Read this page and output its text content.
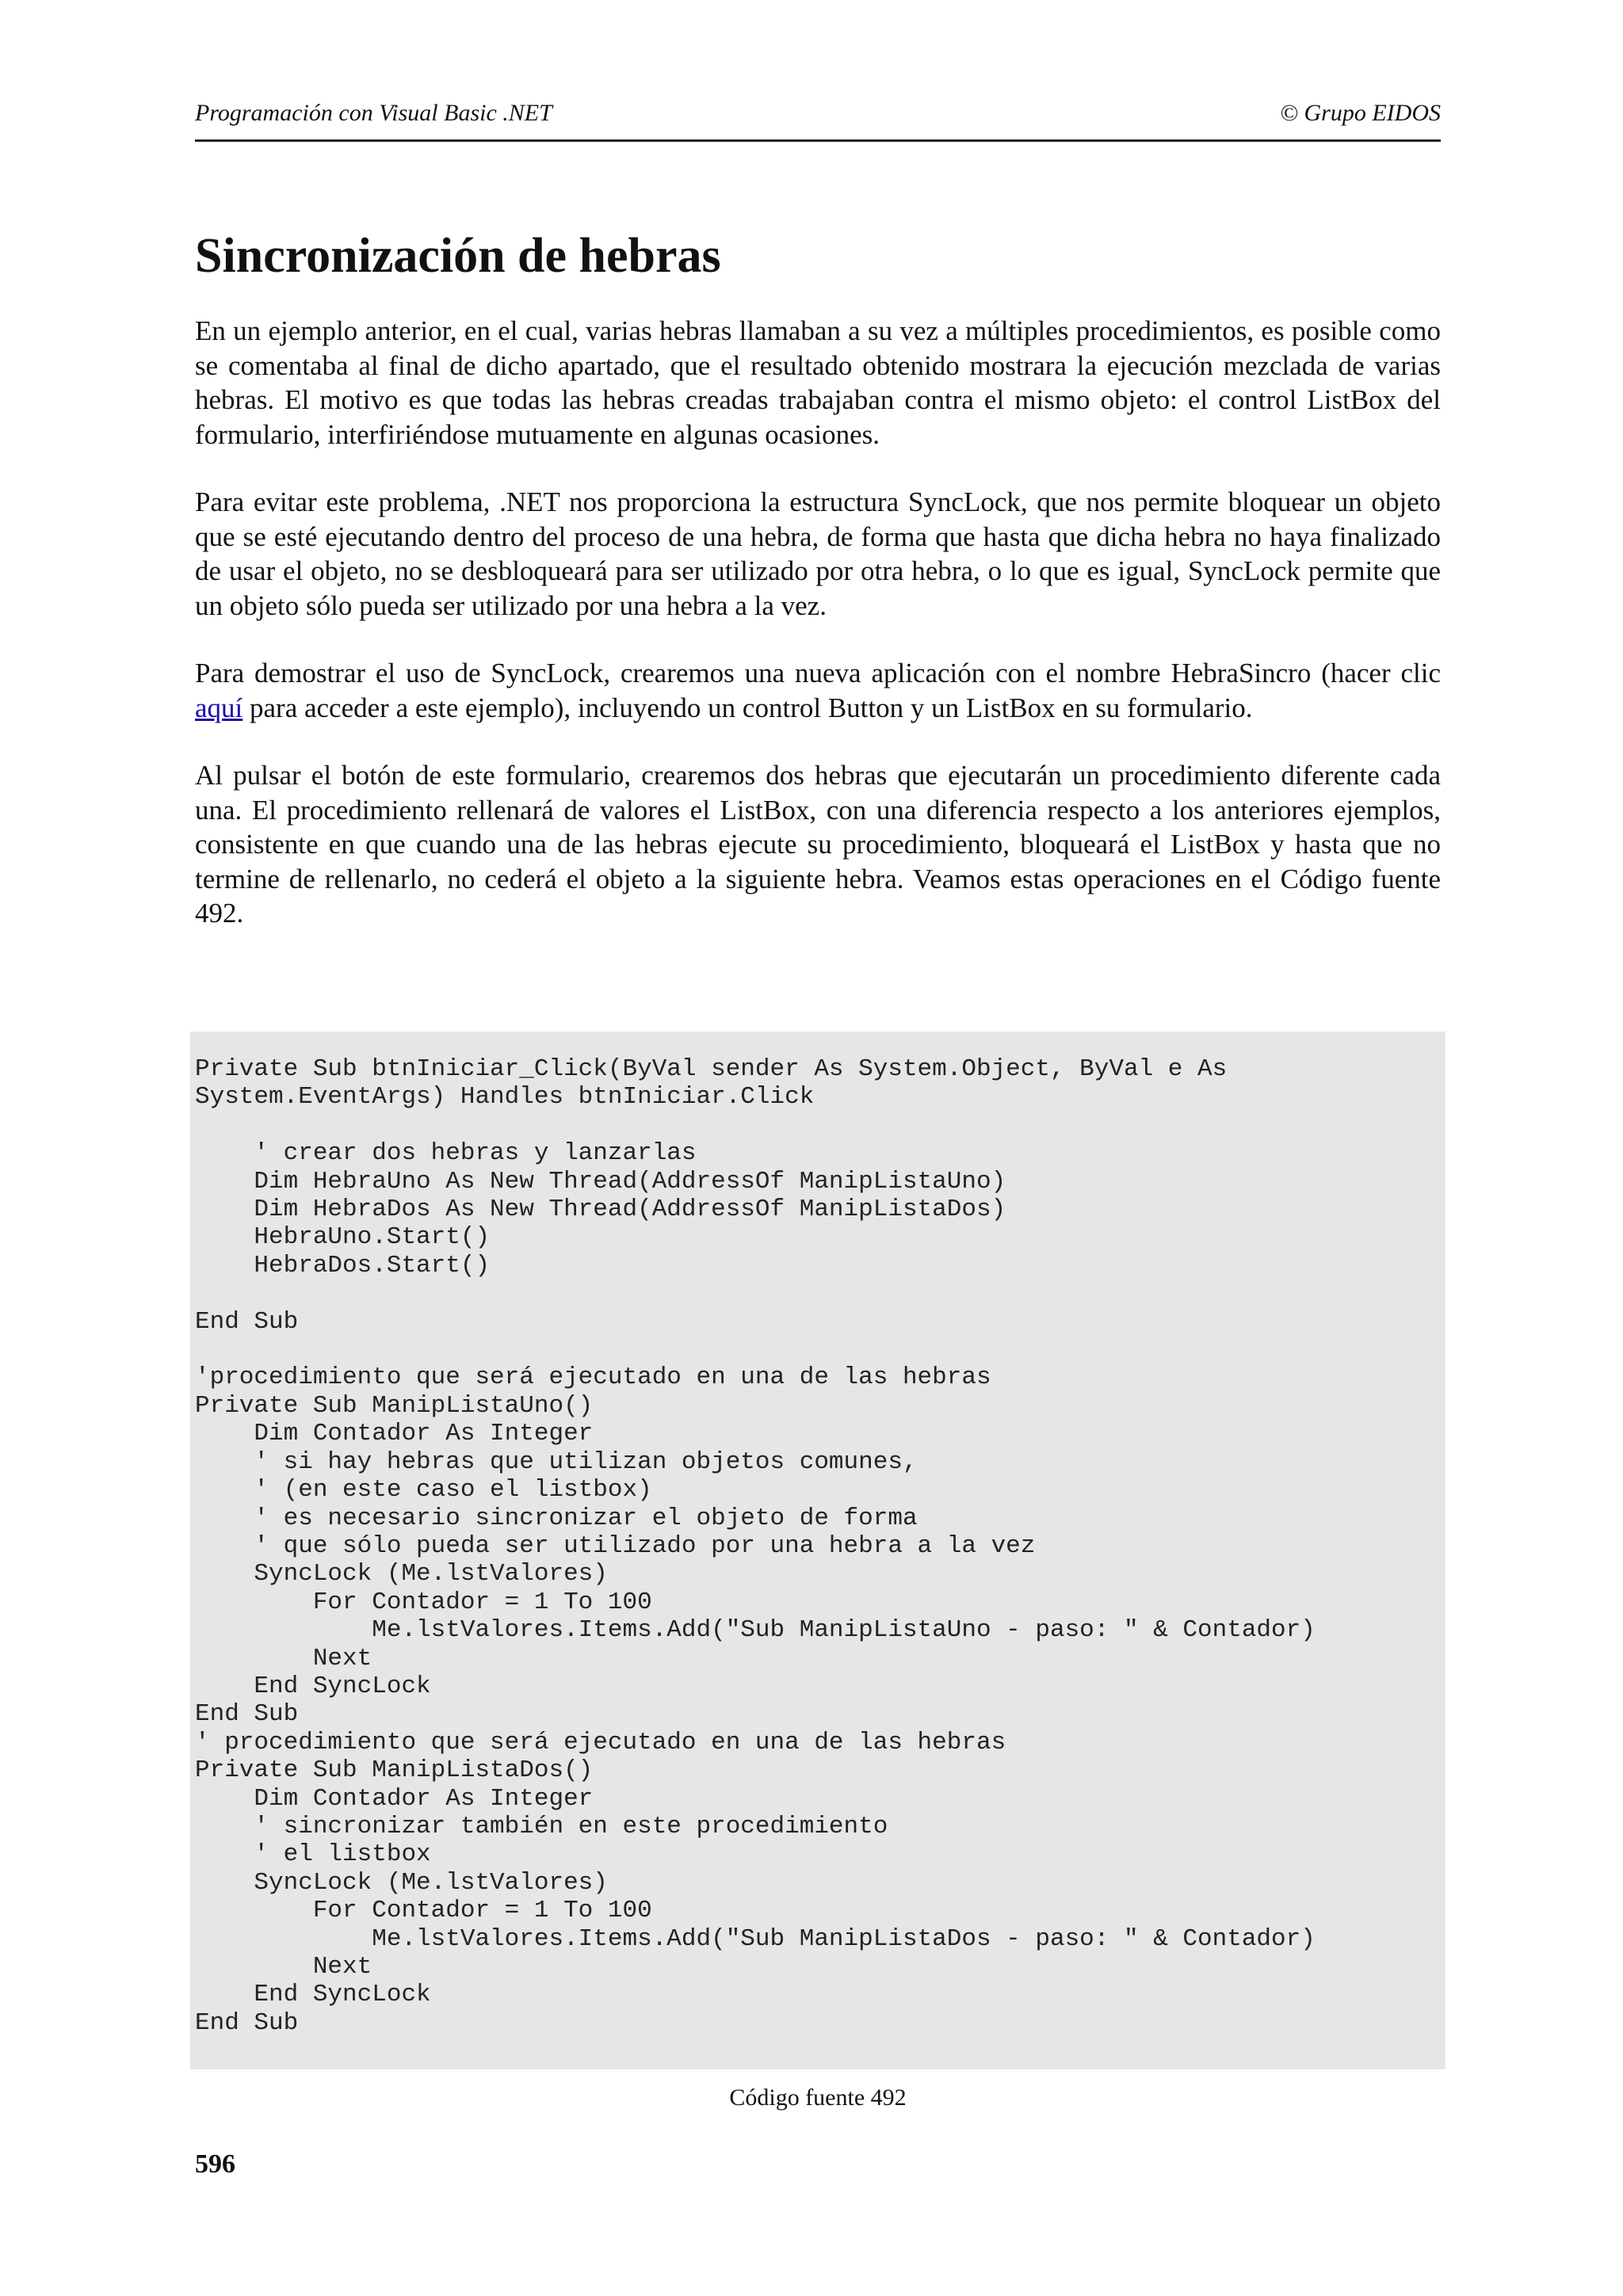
Programación con Visual Basic .NET	© Grupo EIDOS
Sincronización de hebras

En un ejemplo anterior, en el cual, varias hebras llamaban a su vez a múltiples procedimientos, es posible como se comentaba al final de dicho apartado, que el resultado obtenido mostrara la ejecución mezclada de varias hebras. El motivo es que todas las hebras creadas trabajaban contra el mismo objeto: el control ListBox del formulario, interfiriéndose mutuamente en algunas ocasiones.

Para evitar este problema, .NET nos proporciona la estructura SyncLock, que nos permite bloquear un objeto que se esté ejecutando dentro del proceso de una hebra, de forma que hasta que dicha hebra no haya finalizado de usar el objeto, no se desbloqueará para ser utilizado por otra hebra, o lo que es igual, SyncLock permite que un objeto sólo pueda ser utilizado por una hebra a la vez.

Para demostrar el uso de SyncLock, crearemos una nueva aplicación con el nombre HebraSincro (hacer clic aquí para acceder a este ejemplo), incluyendo un control Button y un ListBox en su formulario.

Al pulsar el botón de este formulario, crearemos dos hebras que ejecutarán un procedimiento diferente cada una. El procedimiento rellenará de valores el ListBox, con una diferencia respecto a los anteriores ejemplos, consistente en que cuando una de las hebras ejecute su procedimiento, bloqueará el ListBox y hasta que no termine de rellenarlo, no cederá el objeto a la siguiente hebra. Veamos estas operaciones en el Código fuente 492.

Private Sub btnIniciar_Click(ByVal sender As System.Object, ByVal e As
System.EventArgs) Handles btnIniciar.Click

' crear dos hebras y lanzarlas
Dim HebraUno As New Thread(AddressOf ManipListaUno)
Dim HebraDos As New Thread(AddressOf ManipListaDos)
HebraUno.Start()
HebraDos.Start()

End Sub

'procedimiento que será ejecutado en una de las hebras
Private Sub ManipListaUno()
Dim Contador As Integer
' si hay hebras que utilizan objetos comunes,
' (en este caso el listbox)
' es necesario sincronizar el objeto de forma
' que sólo pueda ser utilizado por una hebra a la vez
SyncLock (Me.lstValores)
For Contador = 1 To 100
Me.lstValores.Items.Add("Sub ManipListaUno - paso: " & Contador)
Next
End SyncLock
End Sub
' procedimiento que será ejecutado en una de las hebras
Private Sub ManipListaDos()
Dim Contador As Integer
' sincronizar también en este procedimiento
' el listbox
SyncLock (Me.lstValores)
For Contador = 1 To 100
Me.lstValores.Items.Add("Sub ManipListaDos - paso: " & Contador)
Next
End SyncLock
End Sub
Código fuente 492
596
